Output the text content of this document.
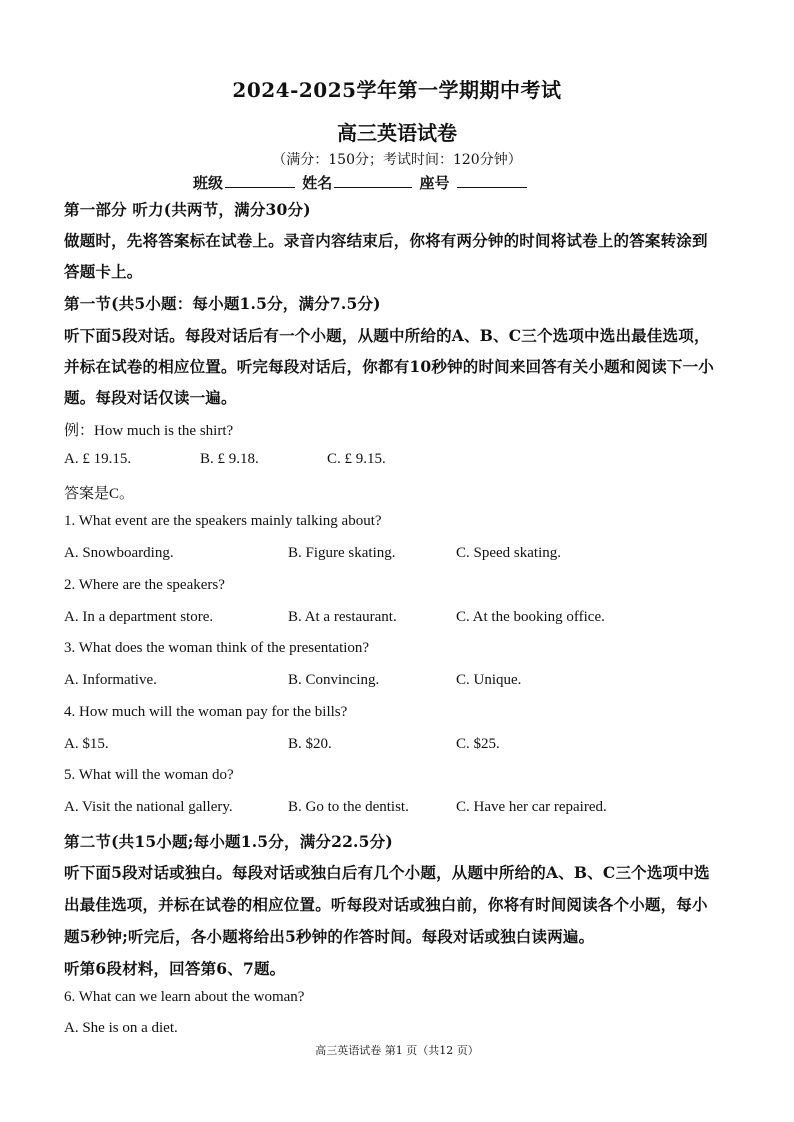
2024-2025学年第一学期期中考试
高三英语试卷
（满分：150分；考试时间：120分钟）
班级	姓名	座号
第一部分 听力(共两节，满分30分)
做题时，先将答案标在试卷上。录音内容结束后，你将有两分钟的时间将试卷上的答案转涂到
答题卡上。
第一节(共5小题：每小题1.5分，满分7.5分)
听下面5段对话。每段对话后有一个小题，从题中所给的A、B、C三个选项中选出最佳选项，
并标在试卷的相应位置。听完每段对话后，你都有10秒钟的时间来回答有关小题和阅读下一小
题。每段对话仅读一遍。
例：How much is the shirt?
A. £ 19.15.	B. £ 9.18.	C. £ 9.15.
答案是C。
1. What event are the speakers mainly talking about?
A. Snowboarding.	B. Figure skating.	C. Speed skating.
2. Where are the speakers?
A. In a department store.	B. At a restaurant.	C. At the booking office.
3. What does the woman think of the presentation?
A. Informative.	B. Convincing.	C. Unique.
4. How much will the woman pay for the bills?
A. $15.	B. $20.	C. $25.
5. What will the woman do?
A. Visit the national gallery.	B. Go to the dentist.	C. Have her car repaired.
第二节(共15小题;每小题1.5分，满分22.5分)
听下面5段对话或独白。每段对话或独白后有几个小题，从题中所给的A、B、C三个选项中选
出最佳选项，并标在试卷的相应位置。听每段对话或独白前，你将有时间阅读各个小题，每小
题5秒钟;听完后，各小题将给出5秒钟的作答时间。每段对话或独白读两遍。
听第6段材料，回答第6、7题。
6. What can we learn about the woman?
A. She is on a diet.
高三英语试卷 第1 页（共12 页）
